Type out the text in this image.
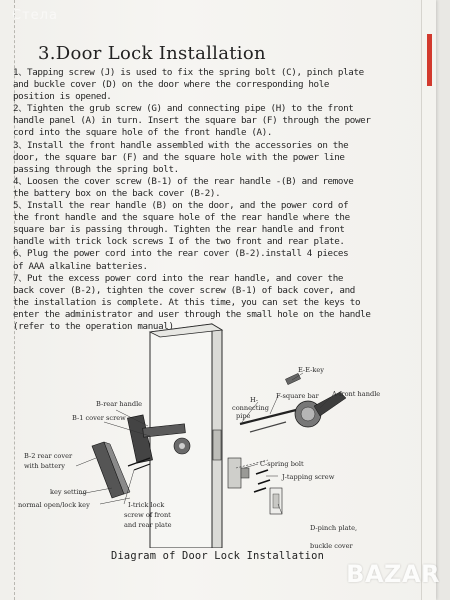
Стела
3.Door Lock Installation
1、Tapping screw (J) is used to fix the spring bolt (C), pinch plate
and buckle cover (D) on the door where the corresponding hole
position is opened.
2、Tighten the grub screw (G) and connecting pipe (H) to the front
handle panel (A) in turn. Insert the square bar (F) through the power
cord into the square hole of the front handle (A).
3、Install the front handle assembled with the accessories on the
door, the square bar (F) and the square hole with the power line
passing through the spring bolt.
4、Loosen the cover screw (B-1) of the rear handle -(B) and remove
the battery box on the back cover (B-2).
5、Install the rear handle (B) on the door, and the power cord of
the front handle and the square hole of the rear handle where the
square bar is passing through. Tighten the rear handle and front
handle with trick lock screws I of the two front and rear plate.
6、Plug the power cord into the rear cover (B-2).install 4 pieces
of AAA alkaline batteries.
7、Put the excess power cord into the rear handle, and cover the
back cover (B-2), tighten the cover screw (B-1) of back cover, and
the installation is complete. At this time, you can set the keys to
enter the administrator and user through the small hole on the handle
(refer to the operation manual)
E-E-key
F-square bar A-front handle
H-
connecting
pipe
B-rear handle
B-1 cover screw
B-2 rear cover
with battery
key setting
normal open/lock key	I-trick lock
screw of front
and rear plate
C-spring bolt
J-tapping screw
D-pinch plate,
buckle cover
Diagram of Door Lock Installation
BAZAR
